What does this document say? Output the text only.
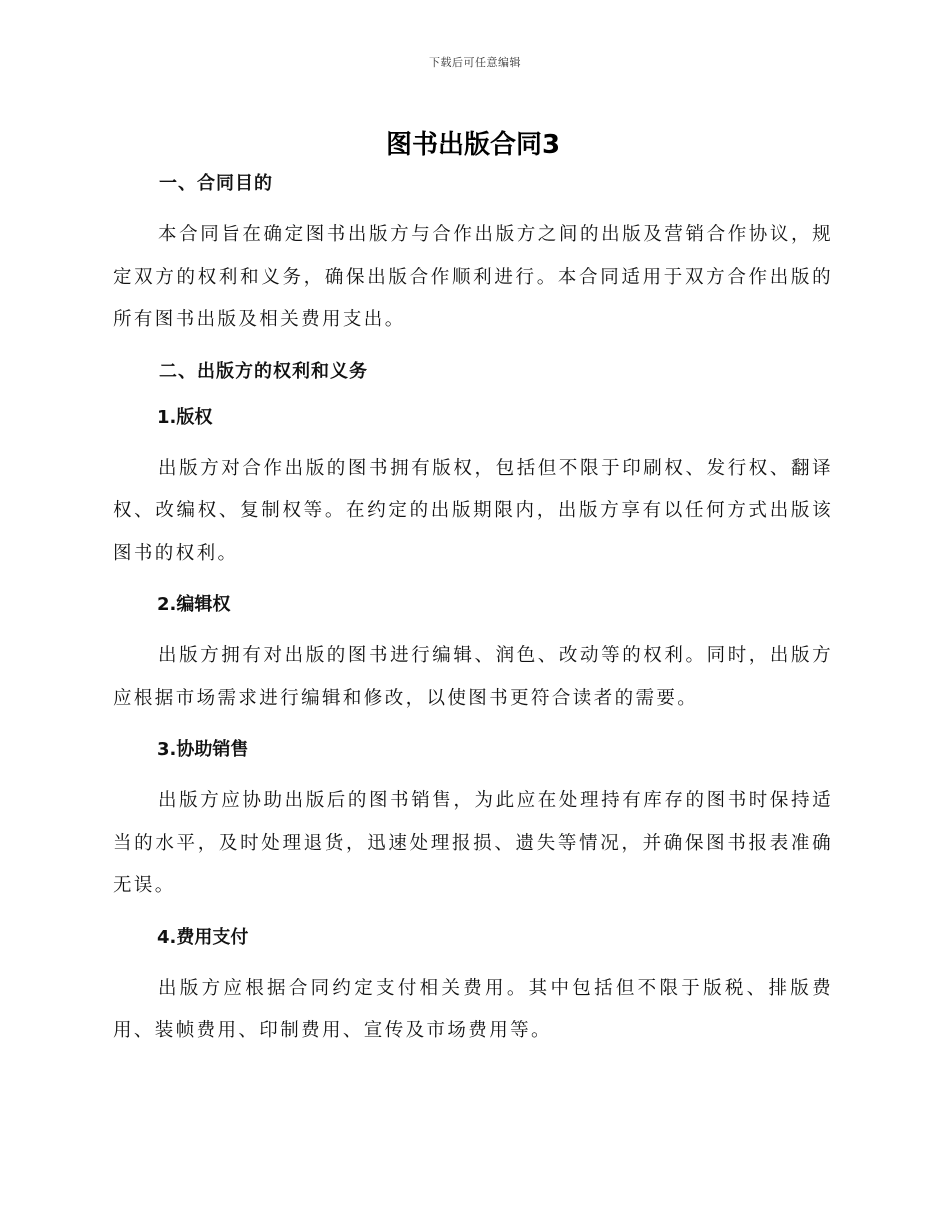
下载后可任意编辑
图书出版合同3
一、合同目的

本合同旨在确定图书出版方与合作出版方之间的出版及营销合作协议，规定双方的权利和义务，确保出版合作顺利进行。本合同适用于双方合作出版的所有图书出版及相关费用支出。

二、出版方的权利和义务
1.版权

出版方对合作出版的图书拥有版权，包括但不限于印刷权、发行权、翻译权、改编权、复制权等。在约定的出版期限内，出版方享有以任何方式出版该图书的权利。

2.编辑权

出版方拥有对出版的图书进行编辑、润色、改动等的权利。同时，出版方应根据市场需求进行编辑和修改，以使图书更符合读者的需要。

3.协助销售

出版方应协助出版后的图书销售，为此应在处理持有库存的图书时保持适当的水平，及时处理退货，迅速处理报损、遗失等情况，并确保图书报表准确无误。

4.费用支付

出版方应根据合同约定支付相关费用。其中包括但不限于版税、排版费用、装帧费用、印制费用、宣传及市场费用等。
